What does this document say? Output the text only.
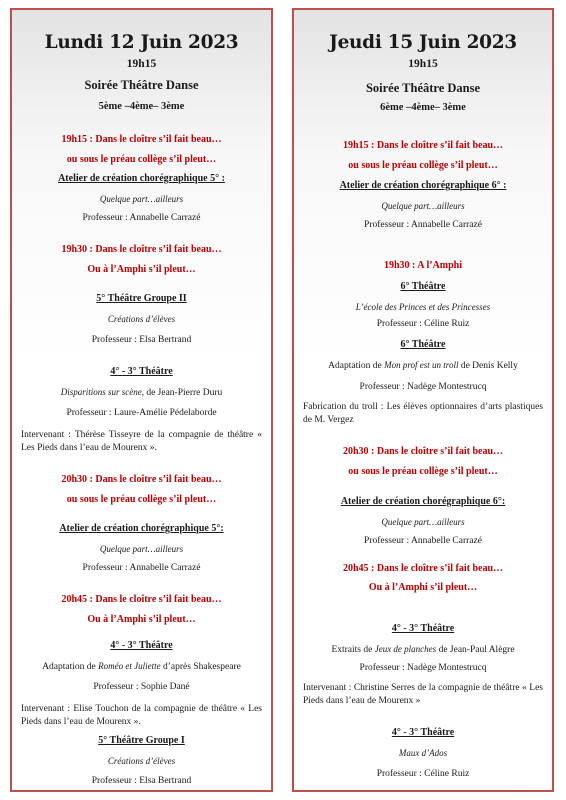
Lundi 12 Juin 2023
19h15
Soirée Théâtre Danse
5ème –4ème– 3ème
19h15 : Dans le cloître s’il fait beau…
ou sous le préau collège s’il pleut…
Atelier de création chorégraphique 5° :
Quelque part…ailleurs
Professeur : Annabelle Carrazé
19h30 : Dans le cloître s’il fait beau…
Ou à l’Amphi s’il pleut…
5° Théâtre Groupe II
Créations d’élèves
Professeur : Elsa Bertrand
4° - 3° Théâtre
Disparitions sur scène, de Jean-Pierre Duru
Professeur : Laure-Amélie Pédelaborde
Intervenant : Thérèse Tisseyre de la compagnie de théâtre « Les Pieds dans l’eau de Mourenx ».
20h30 : Dans le cloître s’il fait beau…
ou sous le préau collège s’il pleut…
Atelier de création chorégraphique 5°:
Quelque part…ailleurs
Professeur : Annabelle Carrazé
20h45 : Dans le cloître s’il fait beau…
Ou à l’Amphi s’il pleut…
4° - 3° Théâtre
Adaptation de Roméo et Juliette d’après Shakespeare
Professeur : Sophie Dané
Intervenant : Elise Touchon de la compagnie de théâtre « Les Pieds dans l’eau de Mourenx ».
5° Théâtre Groupe I
Créations d’élèves
Professeur : Elsa Bertrand
Jeudi 15 Juin 2023
19h15
Soirée Théâtre Danse
6ème –4ème– 3ème
19h15 : Dans le cloître s’il fait beau…
ou sous le préau collège s’il pleut…
Atelier de création chorégraphique 6° :
Quelque part…ailleurs
Professeur : Annabelle Carrazé
19h30 : A l’Amphi
6° Théâtre
L’école des Princes et des Princesses
Professeur : Céline Ruiz
6° Théâtre
Adaptation de Mon prof est un troll de Denis Kelly
Professeur : Nadège Montestrucq
Fabrication du troll : Les élèves optionnaires d’arts plastiques de M. Vergez
20h30 : Dans le cloître s’il fait beau…
ou sous le préau collège s’il pleut…
Atelier de création chorégraphique 6°:
Quelque part…ailleurs
Professeur : Annabelle Carrazé
20h45 : Dans le cloître s’il fait beau…
Ou à l’Amphi s’il pleut…
4° - 3° Théâtre
Extraits de Jeux de planches de Jean-Paul Alègre
Professeur : Nadège Montestrucq
Intervenant : Christine Serres de la compagnie de théâtre « Les Pieds dans l’eau de Mourenx »
4° - 3° Théâtre
Maux d’Ados
Professeur : Céline Ruiz
